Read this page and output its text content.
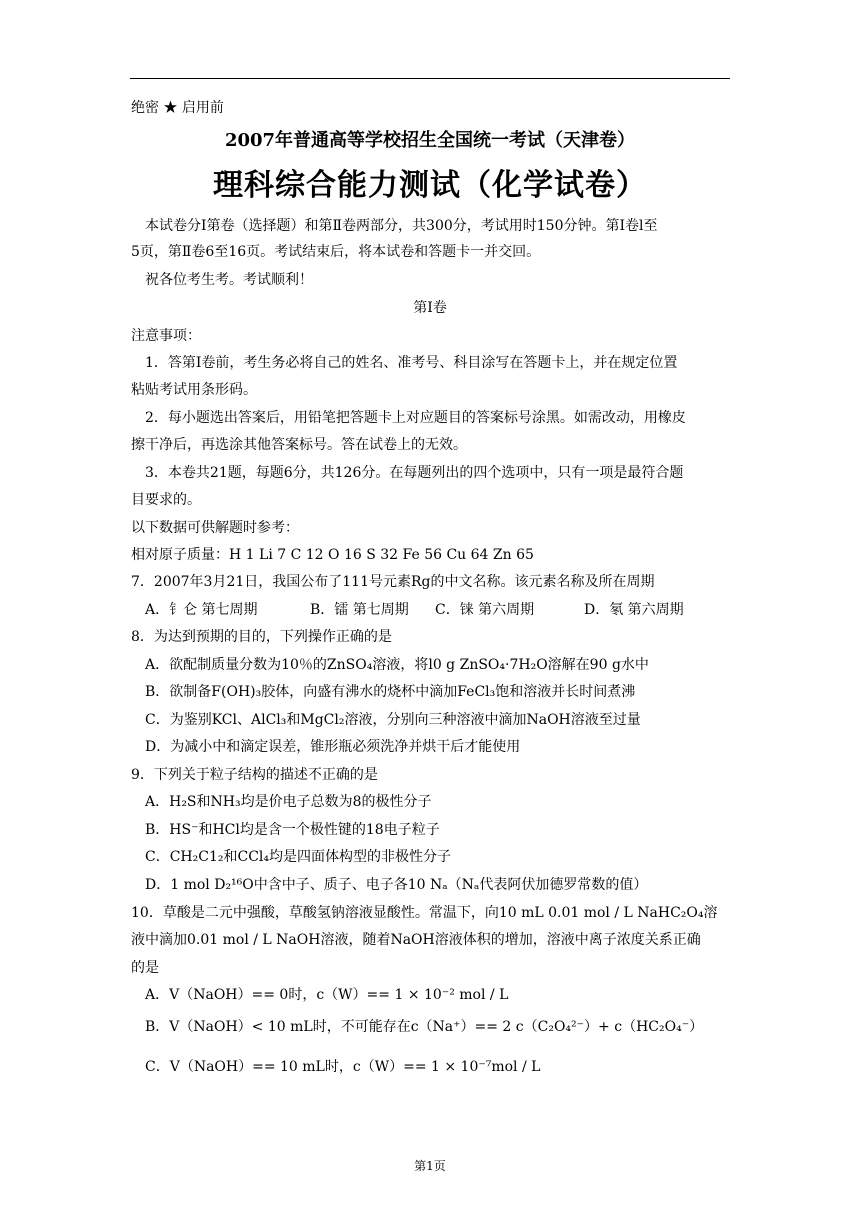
绝密 ★ 启用前
2007年普通高等学校招生全国统一考试（天津卷）
理科综合能力测试（化学试卷）
本试卷分Ⅰ第卷（选择题）和第Ⅱ卷两部分，共300分，考试用时150分钟。第Ⅰ卷l至
5页，第Ⅱ卷6至16页。考试结束后，将本试卷和答题卡一并交回。
祝各位考生考。考试顺利！
第Ⅰ卷
注意事项：
1．答第Ⅰ卷前，考生务必将自己的姓名、准考号、科目涂写在答题卡上，并在规定位置
粘贴考试用条形码。
2．每小题选出答案后，用铅笔把答题卡上对应题目的答案标号涂黑。如需改动，用橡皮
擦干净后，再选涂其他答案标号。答在试卷上的无效。
3．本卷共21题，每题6分，共126分。在每题列出的四个选项中，只有一项是最符合题
目要求的。
以下数据可供解题时参考：
相对原子质量：H 1 Li 7 C 12 O 16 S 32 Fe 56 Cu 64 Zn 65
7．2007年3月21日，我国公布了111号元素Rg的中文名称。该元素名称及所在周期
A．钅仑 第七周期	B．镭 第七周期 C．铼 第六周期	D．氡 第六周期
8．为达到预期的目的，下列操作正确的是
A．欲配制质量分数为10％的ZnSO₄溶液，将l0 g ZnSO₄·7H₂O溶解在90 g水中
B．欲制备F(OH)₃胶体，向盛有沸水的烧杯中滴加FeCl₃饱和溶液并长时间煮沸
C．为鉴别KCl、AlCl₃和MgCl₂溶液，分别向三种溶液中滴加NaOH溶液至过量
D．为减小中和滴定误差，锥形瓶必须洗净并烘干后才能使用
9．下列关于粒子结构的描述不正确的是
A．H₂S和NH₃均是价电子总数为8的极性分子
B．HS⁻和HCl均是含一个极性键的18电子粒子
C．CH₂C1₂和CCl₄均是四面体构型的非极性分子
D．1 mol D₂¹⁶O中含中子、质子、电子各10 Nₐ（Nₐ代表阿伏加德罗常数的值）
10．草酸是二元中强酸，草酸氢钠溶液显酸性。常温下，向10 mL 0.01 mol / L NaHC₂O₄溶
液中滴加0.01 mol / L NaOH溶液，随着NaOH溶液体积的增加，溶液中离子浓度关系正确
的是
A．V（NaOH）== 0时，c（W）== 1 × 10⁻² mol / L
B．V（NaOH）< 10 mL时，不可能存在c（Na⁺）== 2 c（C₂O₄²⁻）+ c（HC₂O₄⁻）
C．V（NaOH）== 10 mL时，c（W）== 1 × 10⁻⁷mol / L
第1页
